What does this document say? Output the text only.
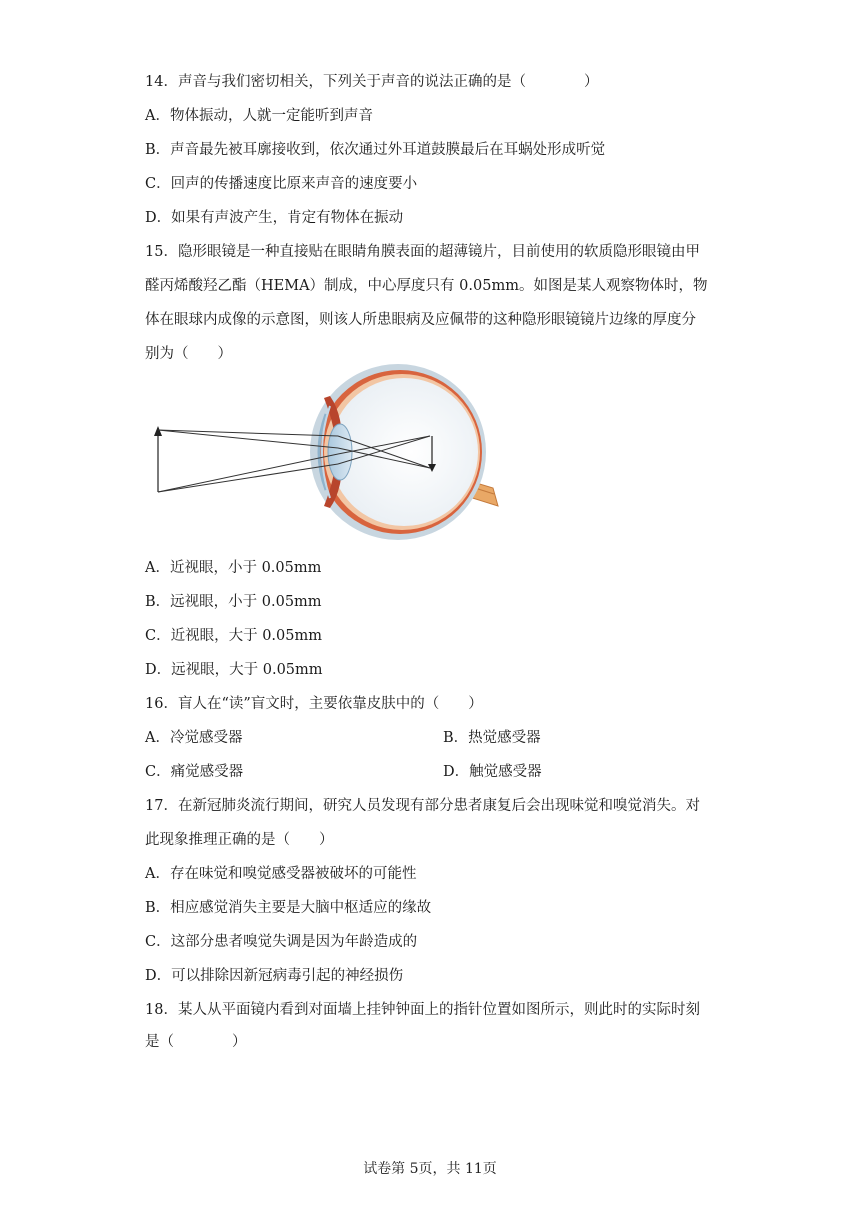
14．声音与我们密切相关，下列关于声音的说法正确的是（　　　　）
A．物体振动，人就一定能听到声音
B．声音最先被耳廓接收到，依次通过外耳道鼓膜最后在耳蜗处形成听觉
C．回声的传播速度比原来声音的速度要小
D．如果有声波产生，肯定有物体在振动
15．隐形眼镜是一种直接贴在眼睛角膜表面的超薄镜片，目前使用的软质隐形眼镜由甲
醛丙烯酸羟乙酯（HEMA）制成，中心厚度只有 0.05mm。如图是某人观察物体时，物
体在眼球内成像的示意图，则该人所患眼病及应佩带的这种隐形眼镜镜片边缘的厚度分
别为（　　）
A．近视眼，小于 0.05mm
B．远视眼，小于 0.05mm
C．近视眼，大于 0.05mm
D．远视眼，大于 0.05mm
16．盲人在“读”盲文时，主要依靠皮肤中的（　　）
A．冷觉感受器	B．热觉感受器
C．痛觉感受器	D．触觉感受器
17．在新冠肺炎流行期间，研究人员发现有部分患者康复后会出现味觉和嗅觉消失。对
此现象推理正确的是（　　）
A．存在味觉和嗅觉感受器被破坏的可能性
B．相应感觉消失主要是大脑中枢适应的缘故
C．这部分患者嗅觉失调是因为年龄造成的
D．可以排除因新冠病毒引起的神经损伤
18．某人从平面镜内看到对面墙上挂钟钟面上的指针位置如图所示，则此时的实际时刻
是（　　　　）
试卷第 5页，共 11页
